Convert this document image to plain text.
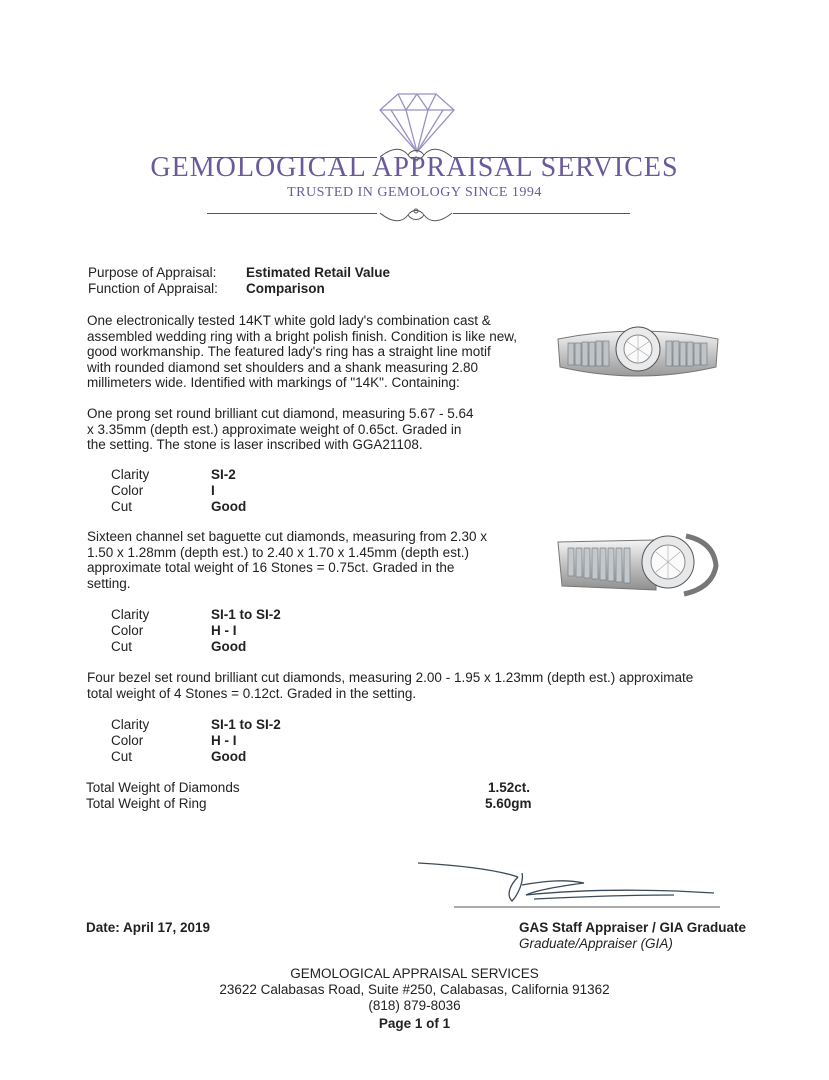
GEMOLOGICAL APPRAISAL SERVICES
TRUSTED IN GEMOLOGY SINCE 1994
Purpose of Appraisal: Estimated Retail Value
Function of Appraisal: Comparison
One electronically tested 14KT white gold lady's combination cast & assembled wedding ring with a bright polish finish. Condition is like new, good workmanship. The featured lady's ring has a straight line motif with rounded diamond set shoulders and a shank measuring 2.80 millimeters wide. Identified with markings of "14K". Containing:
One prong set round brilliant cut diamond, measuring 5.67 - 5.64 x 3.35mm (depth est.) approximate weight of 0.65ct. Graded in the setting. The stone is laser inscribed with GGA21108.
Clarity	SI-2
Color	I
Cut	Good
Sixteen channel set baguette cut diamonds, measuring from 2.30 x 1.50 x 1.28mm (depth est.) to 2.40 x 1.70 x 1.45mm (depth est.) approximate total weight of 16 Stones = 0.75ct. Graded in the setting.
Clarity	SI-1 to SI-2
Color	H - I
Cut	Good
Four bezel set round brilliant cut diamonds, measuring 2.00 - 1.95 x 1.23mm (depth est.) approximate total weight of 4 Stones = 0.12ct. Graded in the setting.
Clarity	SI-1 to SI-2
Color	H - I
Cut	Good
Total Weight of Diamonds	1.52ct.
Total Weight of Ring	5.60gm
Date: April 17, 2019	GAS Staff Appraiser / GIA Graduate
Graduate/Appraiser (GIA)
GEMOLOGICAL APPRAISAL SERVICES
23622 Calabasas Road, Suite #250, Calabasas, California 91362
(818) 879-8036
Page 1 of 1
